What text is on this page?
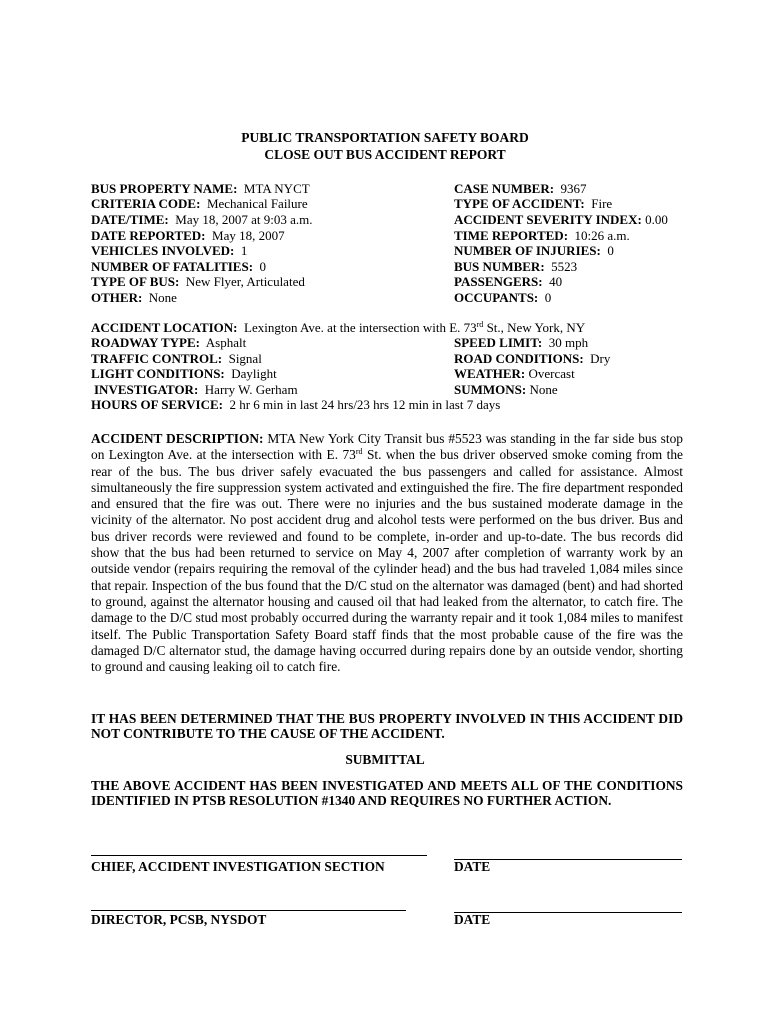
PUBLIC TRANSPORTATION SAFETY BOARD
CLOSE OUT BUS ACCIDENT REPORT
BUS PROPERTY NAME: MTA NYCT
CRITERIA CODE: Mechanical Failure
DATE/TIME: May 18, 2007 at 9:03 a.m.
DATE REPORTED: May 18, 2007
VEHICLES INVOLVED: 1
NUMBER OF FATALITIES: 0
TYPE OF BUS: New Flyer, Articulated
OTHER: None
CASE NUMBER: 9367
TYPE OF ACCIDENT: Fire
ACCIDENT SEVERITY INDEX: 0.00
TIME REPORTED: 10:26 a.m.
NUMBER OF INJURIES: 0
BUS NUMBER: 5523
PASSENGERS: 40
OCCUPANTS: 0
ACCIDENT LOCATION: Lexington Ave. at the intersection with E. 73rd St., New York, NY
ROADWAY TYPE: Asphalt
TRAFFIC CONTROL: Signal
LIGHT CONDITIONS: Daylight
INVESTIGATOR: Harry W. Gerham
SPEED LIMIT: 30 mph
ROAD CONDITIONS: Dry
WEATHER: Overcast
SUMMONS: None
HOURS OF SERVICE: 2 hr 6 min in last 24 hrs/23 hrs 12 min in last 7 days
ACCIDENT DESCRIPTION: MTA New York City Transit bus #5523 was standing in the far side bus stop on Lexington Ave. at the intersection with E. 73rd St. when the bus driver observed smoke coming from the rear of the bus. The bus driver safely evacuated the bus passengers and called for assistance. Almost simultaneously the fire suppression system activated and extinguished the fire. The fire department responded and ensured that the fire was out. There were no injuries and the bus sustained moderate damage in the vicinity of the alternator. No post accident drug and alcohol tests were performed on the bus driver. Bus and bus driver records were reviewed and found to be complete, in-order and up-to-date. The bus records did show that the bus had been returned to service on May 4, 2007 after completion of warranty work by an outside vendor (repairs requiring the removal of the cylinder head) and the bus had traveled 1,084 miles since that repair. Inspection of the bus found that the D/C stud on the alternator was damaged (bent) and had shorted to ground, against the alternator housing and caused oil that had leaked from the alternator, to catch fire. The damage to the D/C stud most probably occurred during the warranty repair and it took 1,084 miles to manifest itself. The Public Transportation Safety Board staff finds that the most probable cause of the fire was the damaged D/C alternator stud, the damage having occurred during repairs done by an outside vendor, shorting to ground and causing leaking oil to catch fire.
IT HAS BEEN DETERMINED THAT THE BUS PROPERTY INVOLVED IN THIS ACCIDENT DID NOT CONTRIBUTE TO THE CAUSE OF THE ACCIDENT.
SUBMITTAL
THE ABOVE ACCIDENT HAS BEEN INVESTIGATED AND MEETS ALL OF THE CONDITIONS IDENTIFIED IN PTSB RESOLUTION #1340 AND REQUIRES NO FURTHER ACTION.
CHIEF, ACCIDENT INVESTIGATION SECTION	DATE
DIRECTOR, PCSB, NYSDOT	DATE
